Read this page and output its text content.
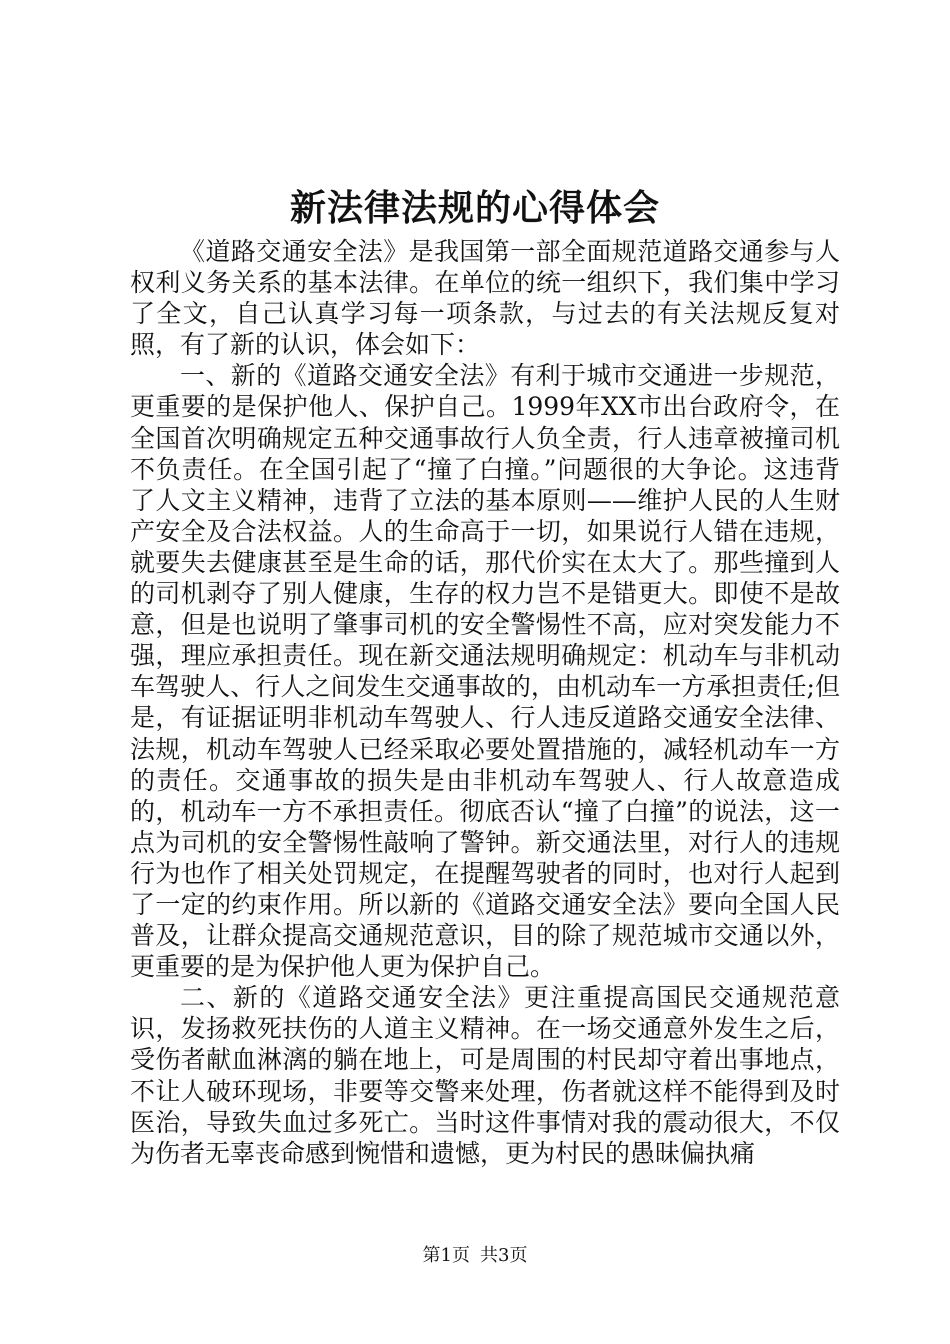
新法律法规的心得体会

《道路交通安全法》是我国第一部全面规范道路交通参与人权利义务关系的基本法律。在单位的统一组织下，我们集中学习了全文，自己认真学习每一项条款，与过去的有关法规反复对照，有了新的认识，体会如下：

一、新的《道路交通安全法》有利于城市交通进一步规范，更重要的是保护他人、保护自己。1999年XX市出台政府令，在全国首次明确规定五种交通事故行人负全责，行人违章被撞司机不负责任。在全国引起了“撞了白撞。”问题很的大争论。这违背了人文主义精神，违背了立法的基本原则——维护人民的人生财产安全及合法权益。人的生命高于一切，如果说行人错在违规，就要失去健康甚至是生命的话，那代价实在太大了。那些撞到人的司机剥夺了别人健康，生存的权力岂不是错更大。即使不是故意，但是也说明了肇事司机的安全警惕性不高，应对突发能力不强，理应承担责任。现在新交通法规明确规定：机动车与非机动车驾驶人、行人之间发生交通事故的，由机动车一方承担责任;但是，有证据证明非机动车驾驶人、行人违反道路交通安全法律、法规，机动车驾驶人已经采取必要处置措施的，减轻机动车一方的责任。交通事故的损失是由非机动车驾驶人、行人故意造成的，机动车一方不承担责任。彻底否认“撞了白撞”的说法，这一点为司机的安全警惕性敲响了警钟。新交通法里，对行人的违规行为也作了相关处罚规定，在提醒驾驶者的同时，也对行人起到了一定的约束作用。所以新的《道路交通安全法》要向全国人民普及，让群众提高交通规范意识，目的除了规范城市交通以外，更重要的是为保护他人更为保护自己。

二、新的《道路交通安全法》更注重提高国民交通规范意识，发扬救死扶伤的人道主义精神。在一场交通意外发生之后，受伤者献血淋漓的躺在地上，可是周围的村民却守着出事地点，不让人破环现场，非要等交警来处理，伤者就这样不能得到及时医治，导致失血过多死亡。当时这件事情对我的震动很大，不仅为伤者无辜丧命感到惋惜和遗憾，更为村民的愚昧偏执痛

第1页 共3页
